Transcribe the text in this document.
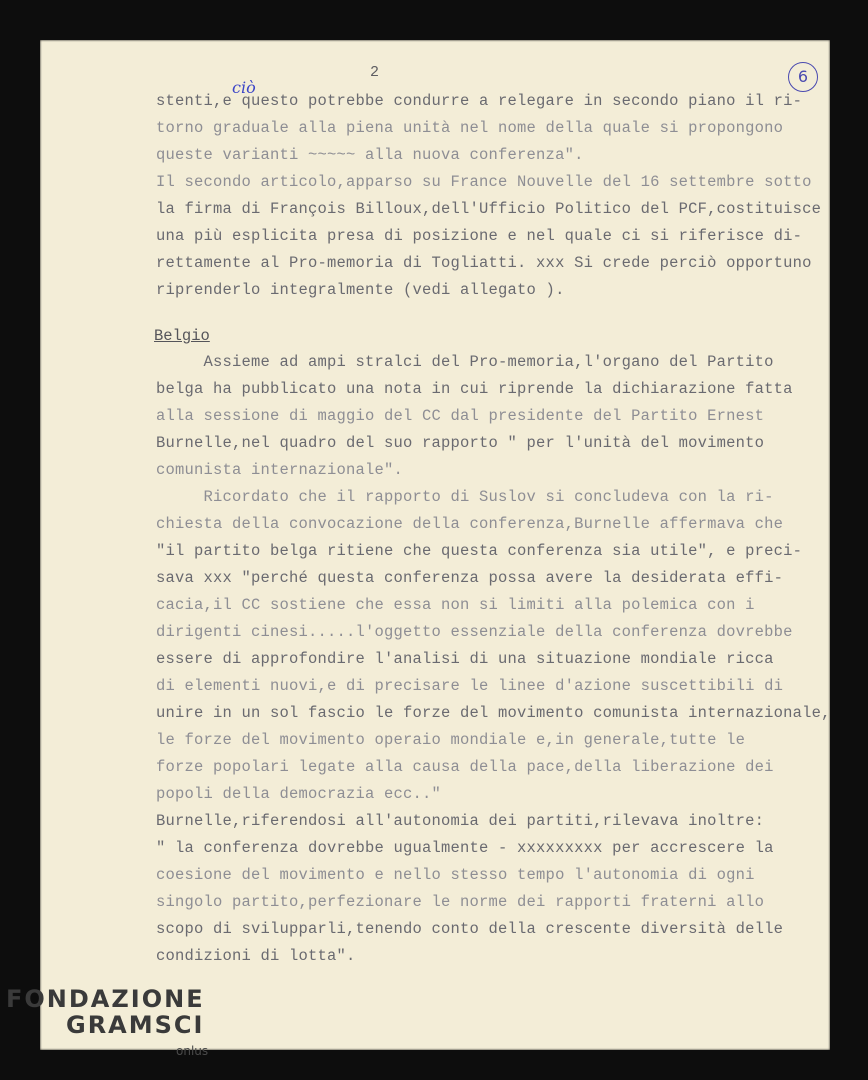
2	6
ciò
stenti,e questo potrebbe condurre a relegare in secondo piano il ri-
torno graduale alla piena unità nel nome della quale si propongono
queste varianti ~~~~~ alla nuova conferenza".
Il secondo articolo,apparso su France Nouvelle del 16 settembre sotto
la firma di François Billoux,dell'Ufficio Politico del PCF,costituisce
una più esplicita presa di posizione e nel quale ci si riferisce di-
rettamente al Pro-memoria di Togliatti. xxx Si crede perciò opportuno
riprenderlo integralmente (vedi allegato ).
Belgio
Assieme ad ampi stralci del Pro-memoria,l'organo del Partito
belga ha pubblicato una nota in cui riprende la dichiarazione fatta
alla sessione di maggio del CC dal presidente del Partito Ernest
Burnelle,nel quadro del suo rapporto " per l'unità del movimento
comunista internazionale".
Ricordato che il rapporto di Suslov si concludeva con la ri-
chiesta della convocazione della conferenza,Burnelle affermava che
"il partito belga ritiene che questa conferenza sia utile", e preci-
sava xxx "perché questa conferenza possa avere la desiderata effi-
cacia,il CC sostiene che essa non si limiti alla polemica con i
dirigenti cinesi.....l'oggetto essenziale della conferenza dovrebbe
essere di approfondire l'analisi di una situazione mondiale ricca
di elementi nuovi,e di precisare le linee d'azione suscettibili di
unire in un sol fascio le forze del movimento comunista internazionale,
le forze del movimento operaio mondiale e,in generale,tutte le
forze popolari legate alla causa della pace,della liberazione dei
popoli della democrazia ecc.."
Burnelle,riferendosi all'autonomia dei partiti,rilevava inoltre:
" la conferenza dovrebbe ugualmente - xxxxxxxxx per accrescere la
coesione del movimento e nello stesso tempo l'autonomia di ogni
singolo partito,perfezionare le norme dei rapporti fraterni allo
scopo di svilupparli,tenendo conto della crescente diversità delle
condizioni di lotta".
FONDAZIONE
GRAMSCI
onlus
